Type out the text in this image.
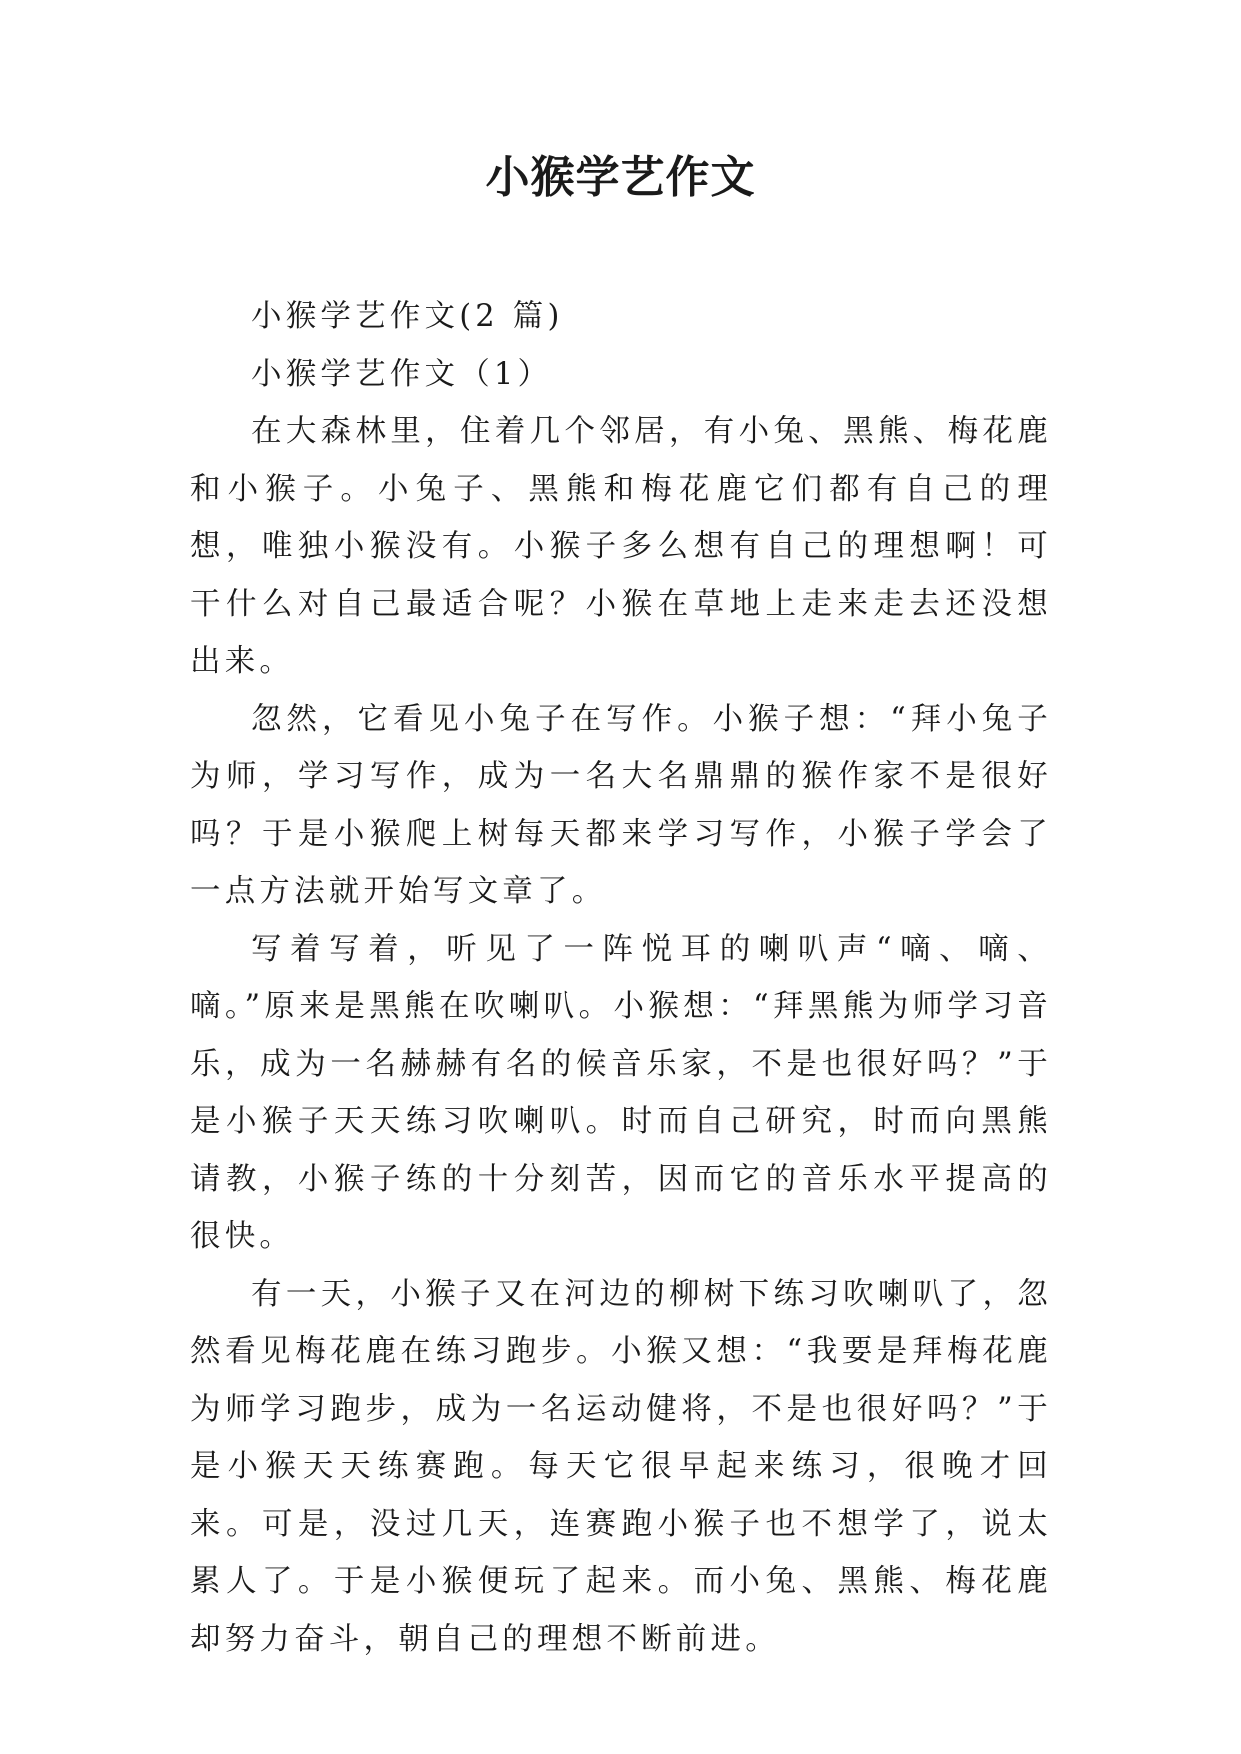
小猴学艺作文

小猴学艺作文(2 篇)

小猴学艺作文（1）

在大森林里，住着几个邻居，有小兔、黑熊、梅花鹿和小猴子。小兔子、黑熊和梅花鹿它们都有自己的理想，唯独小猴没有。小猴子多么想有自己的理想啊！可干什么对自己最适合呢？小猴在草地上走来走去还没想出来。

忽然，它看见小兔子在写作。小猴子想：“拜小兔子为师，学习写作，成为一名大名鼎鼎的猴作家不是很好吗？于是小猴爬上树每天都来学习写作，小猴子学会了一点方法就开始写文章了。

写着写着，听见了一阵悦耳的喇叭声“嘀、嘀、嘀。”原来是黑熊在吹喇叭。小猴想：“拜黑熊为师学习音乐，成为一名赫赫有名的候音乐家，不是也很好吗？”于是小猴子天天练习吹喇叭。时而自己研究，时而向黑熊请教，小猴子练的十分刻苦，因而它的音乐水平提高的很快。

有一天，小猴子又在河边的柳树下练习吹喇叭了，忽然看见梅花鹿在练习跑步。小猴又想：“我要是拜梅花鹿为师学习跑步，成为一名运动健将，不是也很好吗？”于是小猴天天练赛跑。每天它很早起来练习，很晚才回来。可是，没过几天，连赛跑小猴子也不想学了，说太累人了。于是小猴便玩了起来。而小兔、黑熊、梅花鹿却努力奋斗，朝自己的理想不断前进。
